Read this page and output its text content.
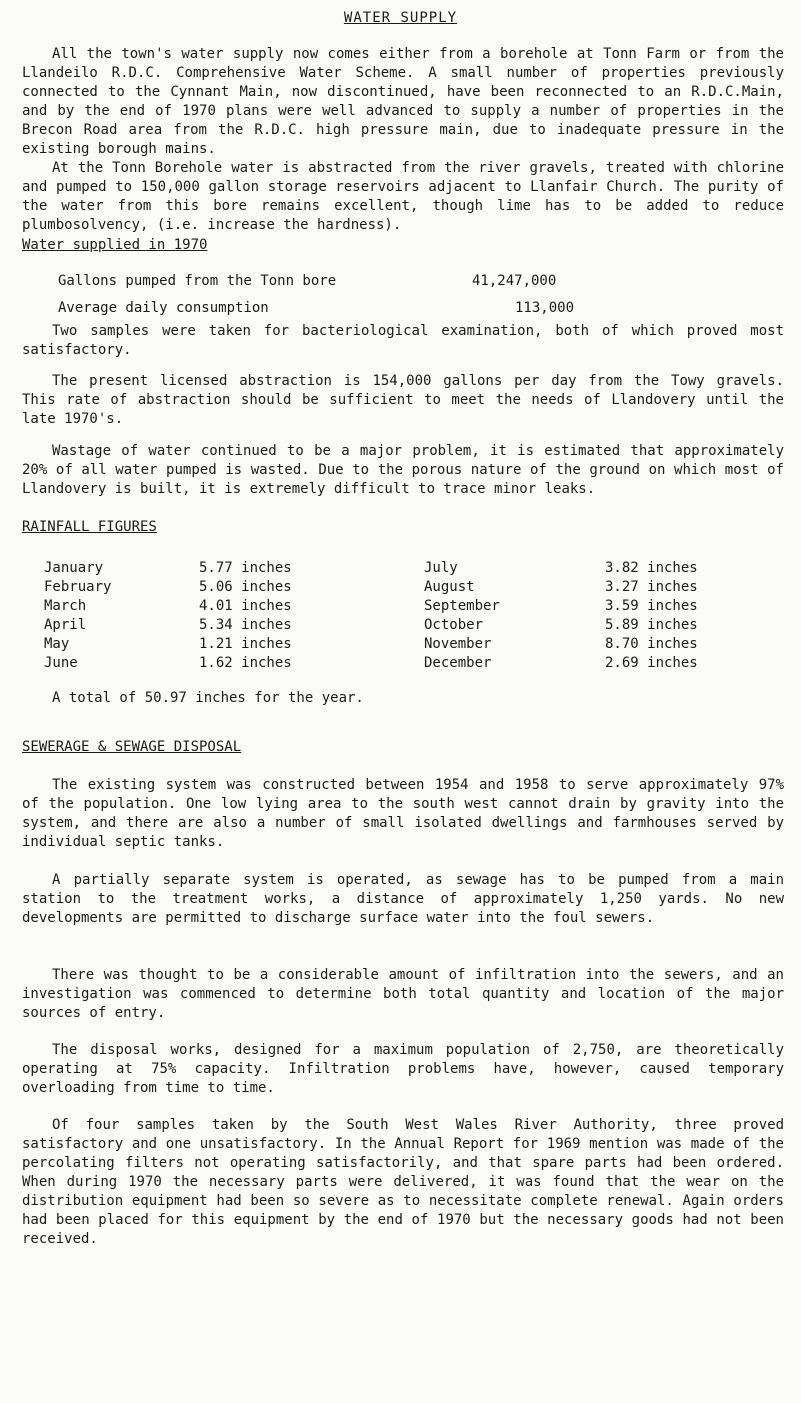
WATER SUPPLY
All the town's water supply now comes either from a borehole at Tonn Farm or from the Llandeilo R.D.C. Comprehensive Water Scheme. A small number of properties previously connected to the Cynnant Main, now discontinued, have been reconnected to an R.D.C.Main, and by the end of 1970 plans were well advanced to supply a number of properties in the Brecon Road area from the R.D.C. high pressure main, due to inadequate pressure in the existing borough mains.
At the Tonn Borehole water is abstracted from the river gravels, treated with chlorine and pumped to 150,000 gallon storage reservoirs adjacent to Llanfair Church. The purity of the water from this bore remains excellent, though lime has to be added to reduce plumbosolvency, (i.e. increase the hardness).
Water supplied in 1970
Gallons pumped from the Tonn bore	41,247,000
Average daily consumption	113,000
Two samples were taken for bacteriological examination, both of which proved most satisfactory.
The present licensed abstraction is 154,000 gallons per day from the Towy gravels. This rate of abstraction should be sufficient to meet the needs of Llandovery until the late 1970's.
Wastage of water continued to be a major problem, it is estimated that approximately 20% of all water pumped is wasted. Due to the porous nature of the ground on which most of Llandovery is built, it is extremely difficult to trace minor leaks.
RAINFALL FIGURES
January	5.77 inches	July	3.82 inches
February	5.06 inches	August	3.27 inches
March	4.01 inches	September	3.59 inches
April	5.34 inches	October	5.89 inches
May	1.21 inches	November	8.70 inches
June	1.62 inches	December	2.69 inches
A total of 50.97 inches for the year.
SEWERAGE & SEWAGE DISPOSAL
The existing system was constructed between 1954 and 1958 to serve approximately 97% of the population. One low lying area to the south west cannot drain by gravity into the system, and there are also a number of small isolated dwellings and farmhouses served by individual septic tanks.
A partially separate system is operated, as sewage has to be pumped from a main station to the treatment works, a distance of approximately 1,250 yards. No new developments are permitted to discharge surface water into the foul sewers.
There was thought to be a considerable amount of infiltration into the sewers, and an investigation was commenced to determine both total quantity and location of the major sources of entry.
The disposal works, designed for a maximum population of 2,750, are theoretically operating at 75% capacity. Infiltration problems have, however, caused temporary overloading from time to time.
Of four samples taken by the South West Wales River Authority, three proved satisfactory and one unsatisfactory. In the Annual Report for 1969 mention was made of the percolating filters not operating satisfactorily, and that spare parts had been ordered. When during 1970 the necessary parts were delivered, it was found that the wear on the distribution equipment had been so severe as to necessitate complete renewal. Again orders had been placed for this equipment by the end of 1970 but the necessary goods had not been received.
